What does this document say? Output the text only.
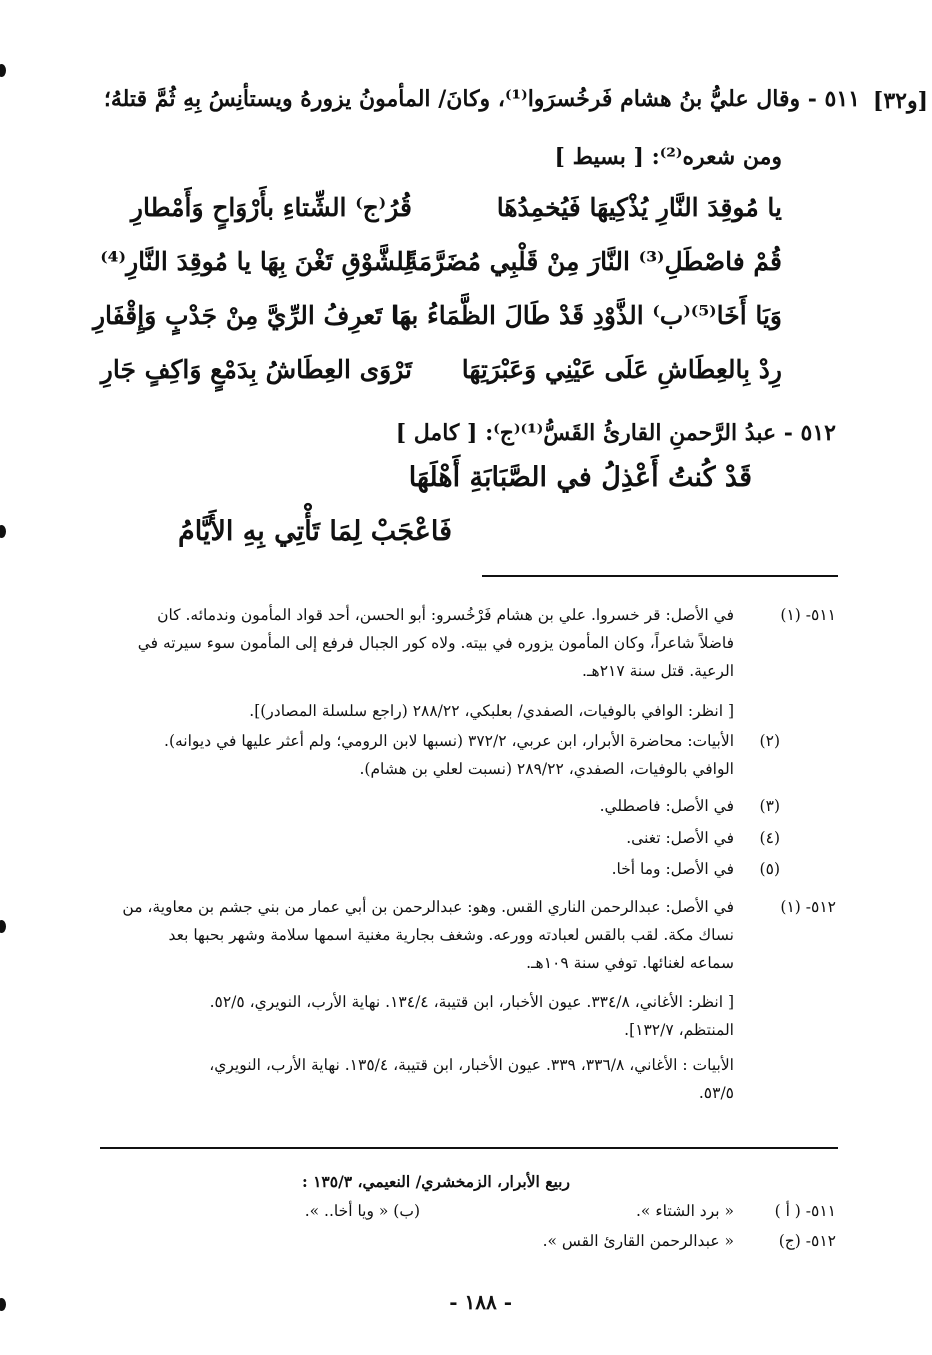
[و٣٢]
٥١١ - وقال عليُّ بنُ هشام فَرخُسرَوا⁽¹⁾، وكانَ/ المأمونُ يزورهُ ويستأنِسُ بِهِ ثُمَّ قتلهُ؛
ومن شعره⁽²⁾: [ بسيط ]
يا مُوقِدَ النَّارِ يُذْكِيهَا فَيُخمِدُهَا
قُرُ⁽ج⁾ الشِّتاءِ بأَرْوَاحٍ وَأَمْطارِ
قُمْ فاصْطَلِ⁽³⁾ النَّارَ مِنْ قَلْبِي مُضَرَّمَةً
لِلشَّوْقِ تَغْنَ بِهَا يا مُوقِدَ النَّارِ⁽⁴⁾
وَيَا أَخَا⁽⁵⁾⁽ب⁾ الذَّوْدِ قَدْ طَالَ الظَّمَاءُ بها
مَا تَعرِفُ الرِّيَّ مِنْ جَدْبٍ وَإِقْفَارِ
رِدْ بِالعِطَاشِ عَلَى عَيْنِي وَعَبْرَتِهَا
تَرْوَى العِطَاشُ بِدَمْعٍ وَاكِفٍ جَارِ
٥١٢ - عبدُ الرَّحمنِ القارئُ القَسُّ⁽¹⁾⁽ج⁾: [ كامل ]
قَدْ كُنتُ أَعْذِلُ في الصَّبَابَةِ أَهْلَهَا
فَاعْجَبْ لِمَا تَأْتِي بِهِ الأَيَّامُ
٥١١- (١)
في الأصل: قر خسروا. علي بن هشام فَرْخُسرو: أبو الحسن، أحد قواد المأمون وندمائه. كان
فاضلاً شاعراً، وكان المأمون يزوره في بيته. ولاه كور الجبال فرفع إلى المأمون سوء سيرته في
الرعية. قتل سنة ٢١٧هـ.
[ انظر: الوافي بالوفيات، الصفدي/ بعلبكي، ٢٨٨/٢٢ (راجع سلسلة المصادر)].
(٢)
الأبيات: محاضرة الأبرار، ابن عربي، ٣٧٢/٢ (نسبها لابن الرومي؛ ولم أعثر عليها في ديوانه).
الوافي بالوفيات، الصفدي، ٢٨٩/٢٢ (نسبت لعلي بن هشام).
(٣)
في الأصل: فاصطلي.
(٤)
في الأصل: تغنى.
(٥)
في الأصل: وما أخا.
٥١٢- (١)
في الأصل: عبدالرحمن الناري القس. وهو: عبدالرحمن بن أبي عمار من بني جشم بن معاوية، من
نساك مكة. لقب بالقس لعبادته وورعه. وشغف بجارية مغنية اسمها سلامة وشهر بحبها بعد
سماعه لغنائها. توفي سنة ١٠٩هـ.
[ انظر: الأغاني، ٣٣٤/٨. عيون الأخبار، ابن قتيبة، ١٣٤/٤. نهاية الأرب، النويري، ٥٢/٥.
المنتظم، ١٣٢/٧].
الأبيات : الأغاني، ٣٣٦/٨، ٣٣٩. عيون الأخبار، ابن قتيبة، ١٣٥/٤. نهاية الأرب، النويري،
٥٣/٥.
ربيع الأبرار، الزمخشري/ النعيمي، ١٣٥/٣ :
٥١١- ( أ )
« برد الشتاء ».
(ب) « ويا أخا.. ».
٥١٢- (ج)
« عبدالرحمن القارئ القس ».
- ١٨٨ -
